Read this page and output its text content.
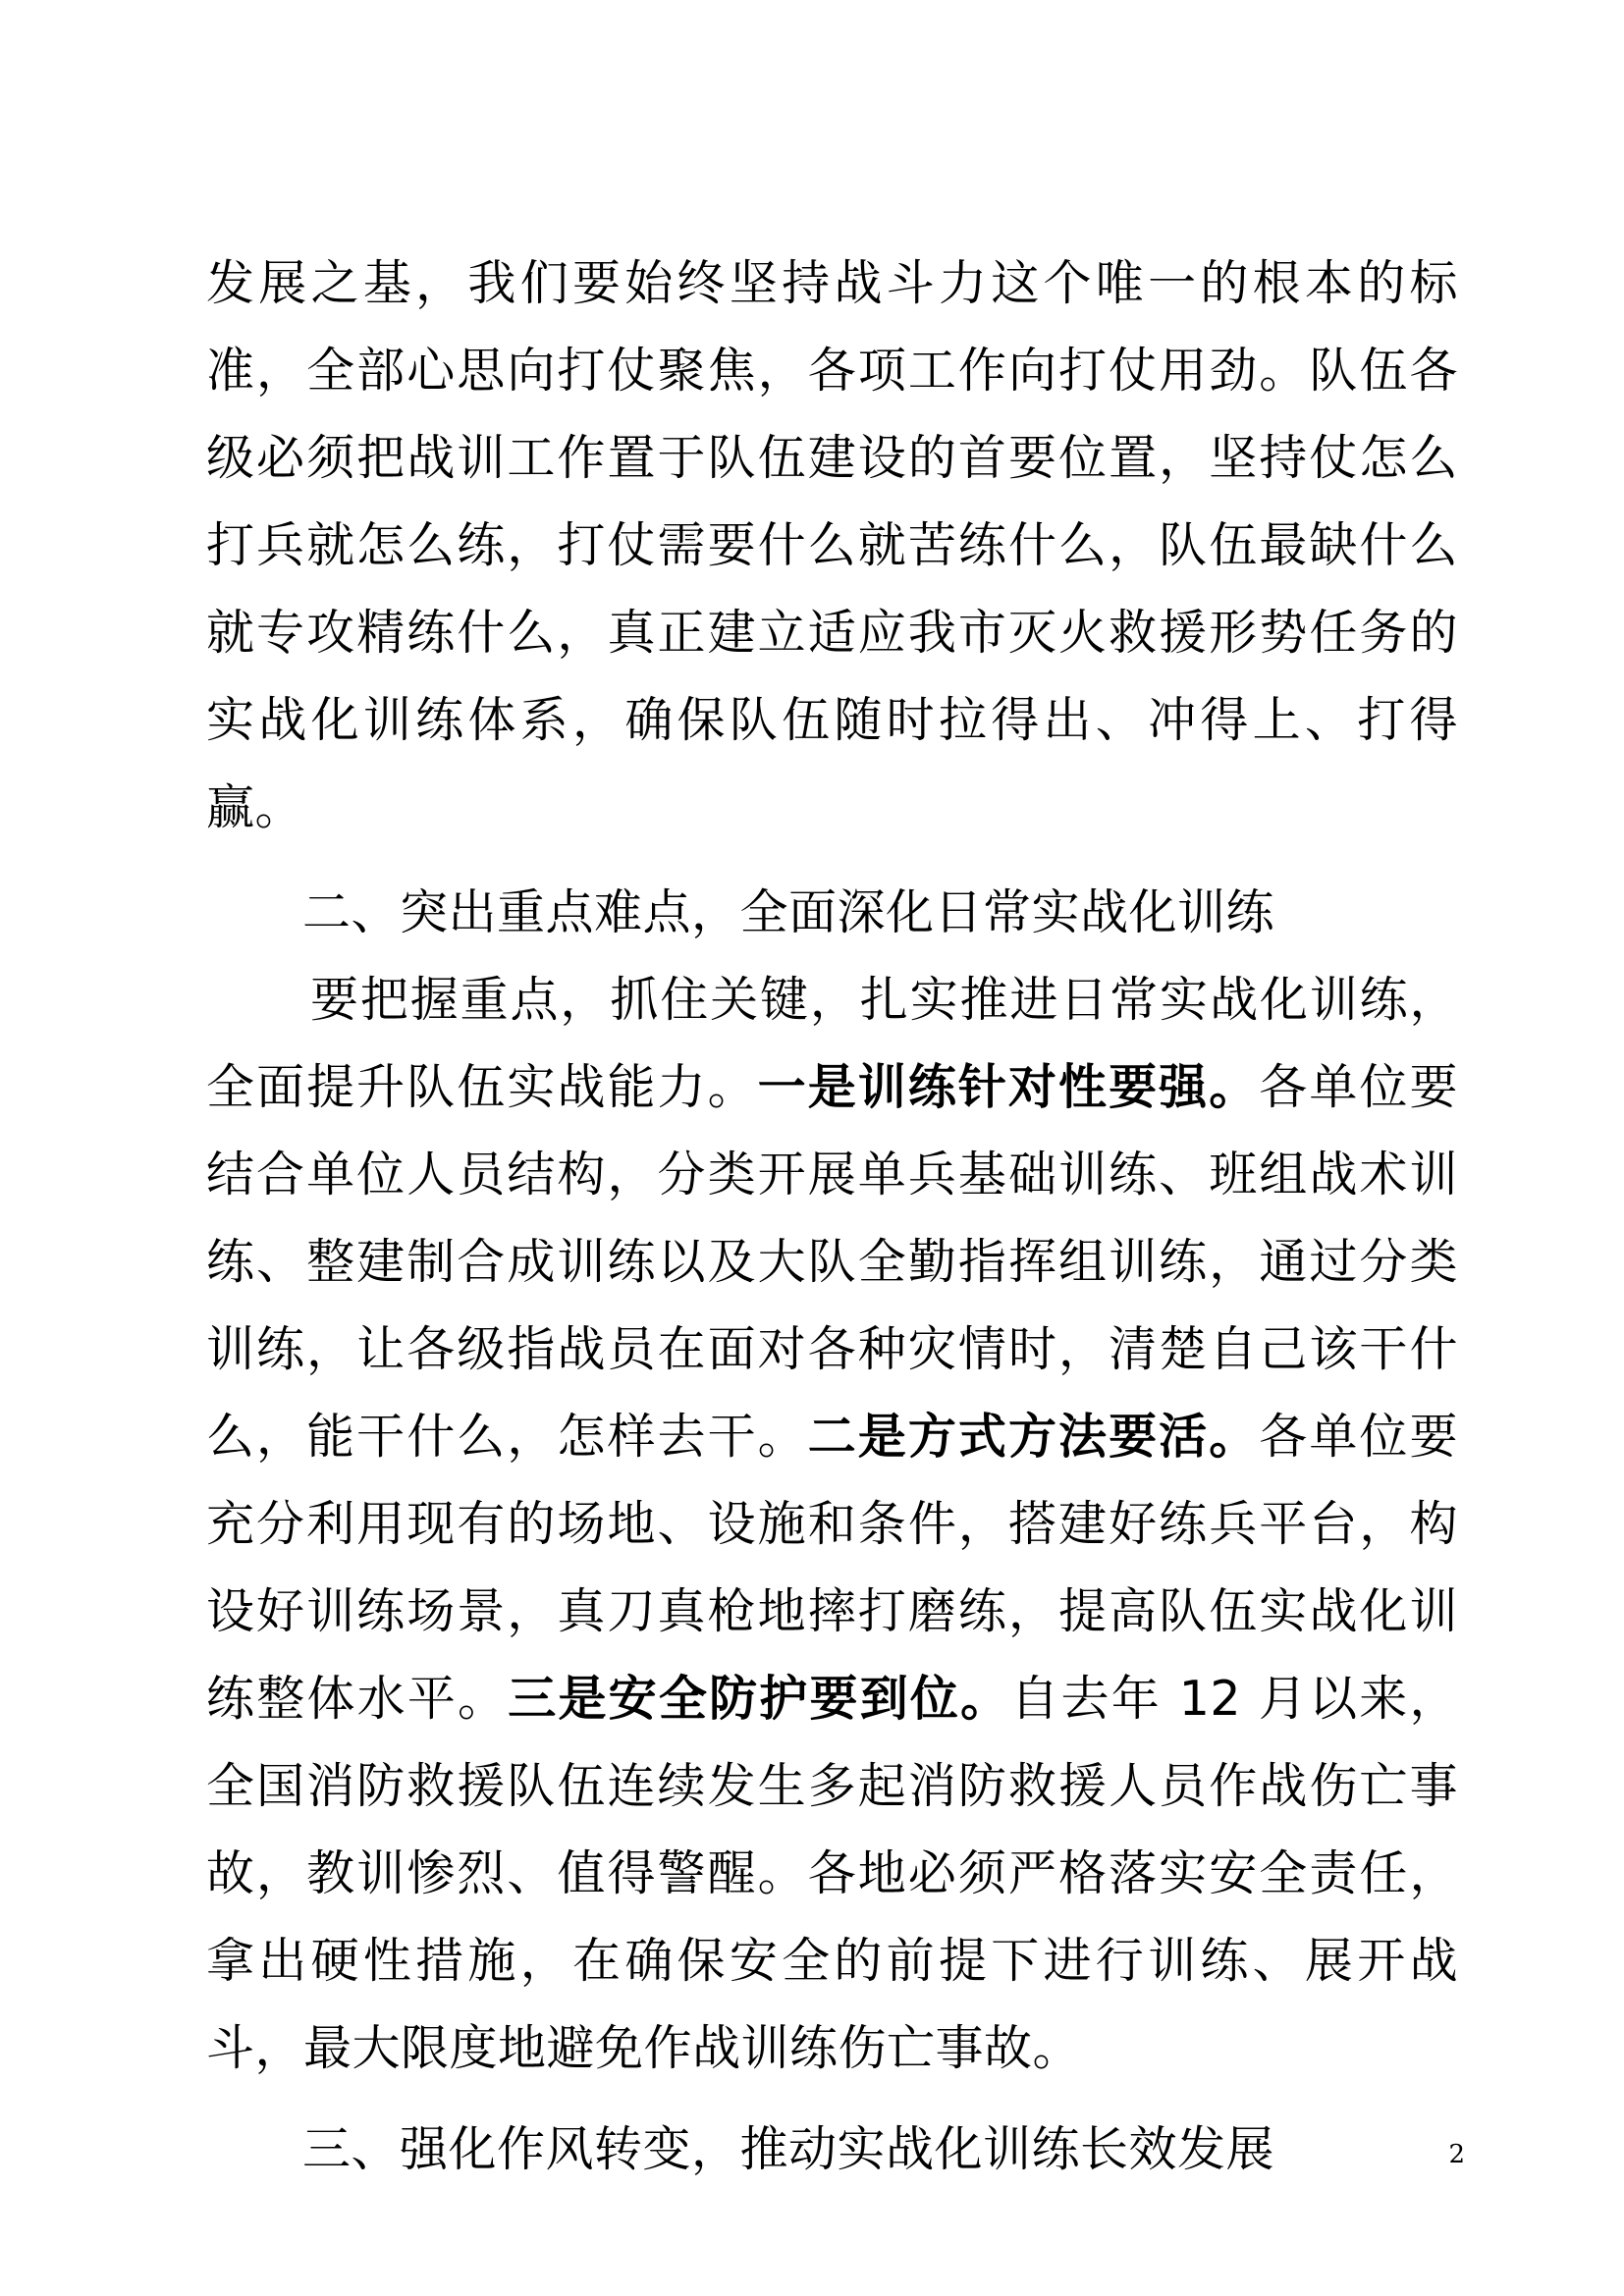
发展之基，我们要始终坚持战斗力这个唯一的根本的标准，全部心思向打仗聚焦，各项工作向打仗用劲。队伍各级必须把战训工作置于队伍建设的首要位置，坚持仗怎么打兵就怎么练，打仗需要什么就苦练什么，队伍最缺什么就专攻精练什么，真正建立适应我市灭火救援形势任务的实战化训练体系，确保队伍随时拉得出、冲得上、打得赢。

二、突出重点难点，全面深化日常实战化训练

要把握重点，抓住关键，扎实推进日常实战化训练，全面提升队伍实战能力。一是训练针对性要强。各单位要结合单位人员结构，分类开展单兵基础训练、班组战术训练、整建制合成训练以及大队全勤指挥组训练，通过分类训练，让各级指战员在面对各种灾情时，清楚自己该干什么，能干什么，怎样去干。二是方式方法要活。各单位要充分利用现有的场地、设施和条件，搭建好练兵平台，构设好训练场景，真刀真枪地摔打磨练，提高队伍实战化训练整体水平。三是安全防护要到位。自去年 12 月以来，全国消防救援队伍连续发生多起消防救援人员作战伤亡事故，教训惨烈、值得警醒。各地必须严格落实安全责任，拿出硬性措施，在确保安全的前提下进行训练、展开战斗，最大限度地避免作战训练伤亡事故。

三、强化作风转变，推动实战化训练长效发展	2
